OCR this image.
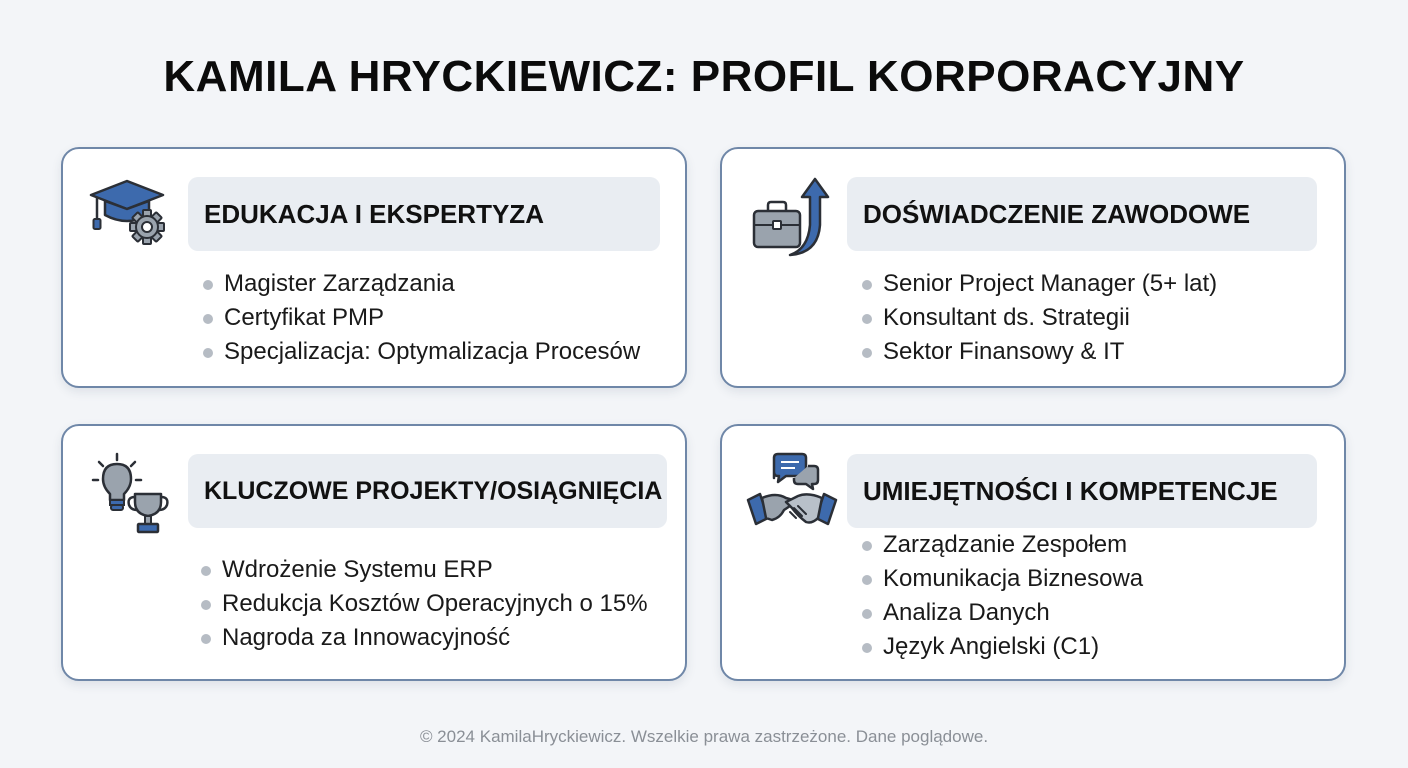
KAMILA HRYCKIEWICZ: PROFIL KORPORACYJNY
EDUKACJA I EKSPERTYZA
Magister Zarządzania
Certyfikat PMP
Specjalizacja: Optymalizacja Procesów
DOŚWIADCZENIE ZAWODOWE
Senior Project Manager (5+ lat)
Konsultant ds. Strategii
Sektor Finansowy & IT
KLUCZOWE PROJEKTY/OSIĄGNIĘCIA
Wdrożenie Systemu ERP
Redukcja Kosztów Operacyjnych o 15%
Nagroda za Innowacyjność
UMIEJĘTNOŚCI I KOMPETENCJE
Zarządzanie Zespołem
Komunikacja Biznesowa
Analiza Danych
Język Angielski (C1)
© 2024 KamilaHryckiewicz. Wszelkie prawa zastrzeżone. Dane poglądowe.
